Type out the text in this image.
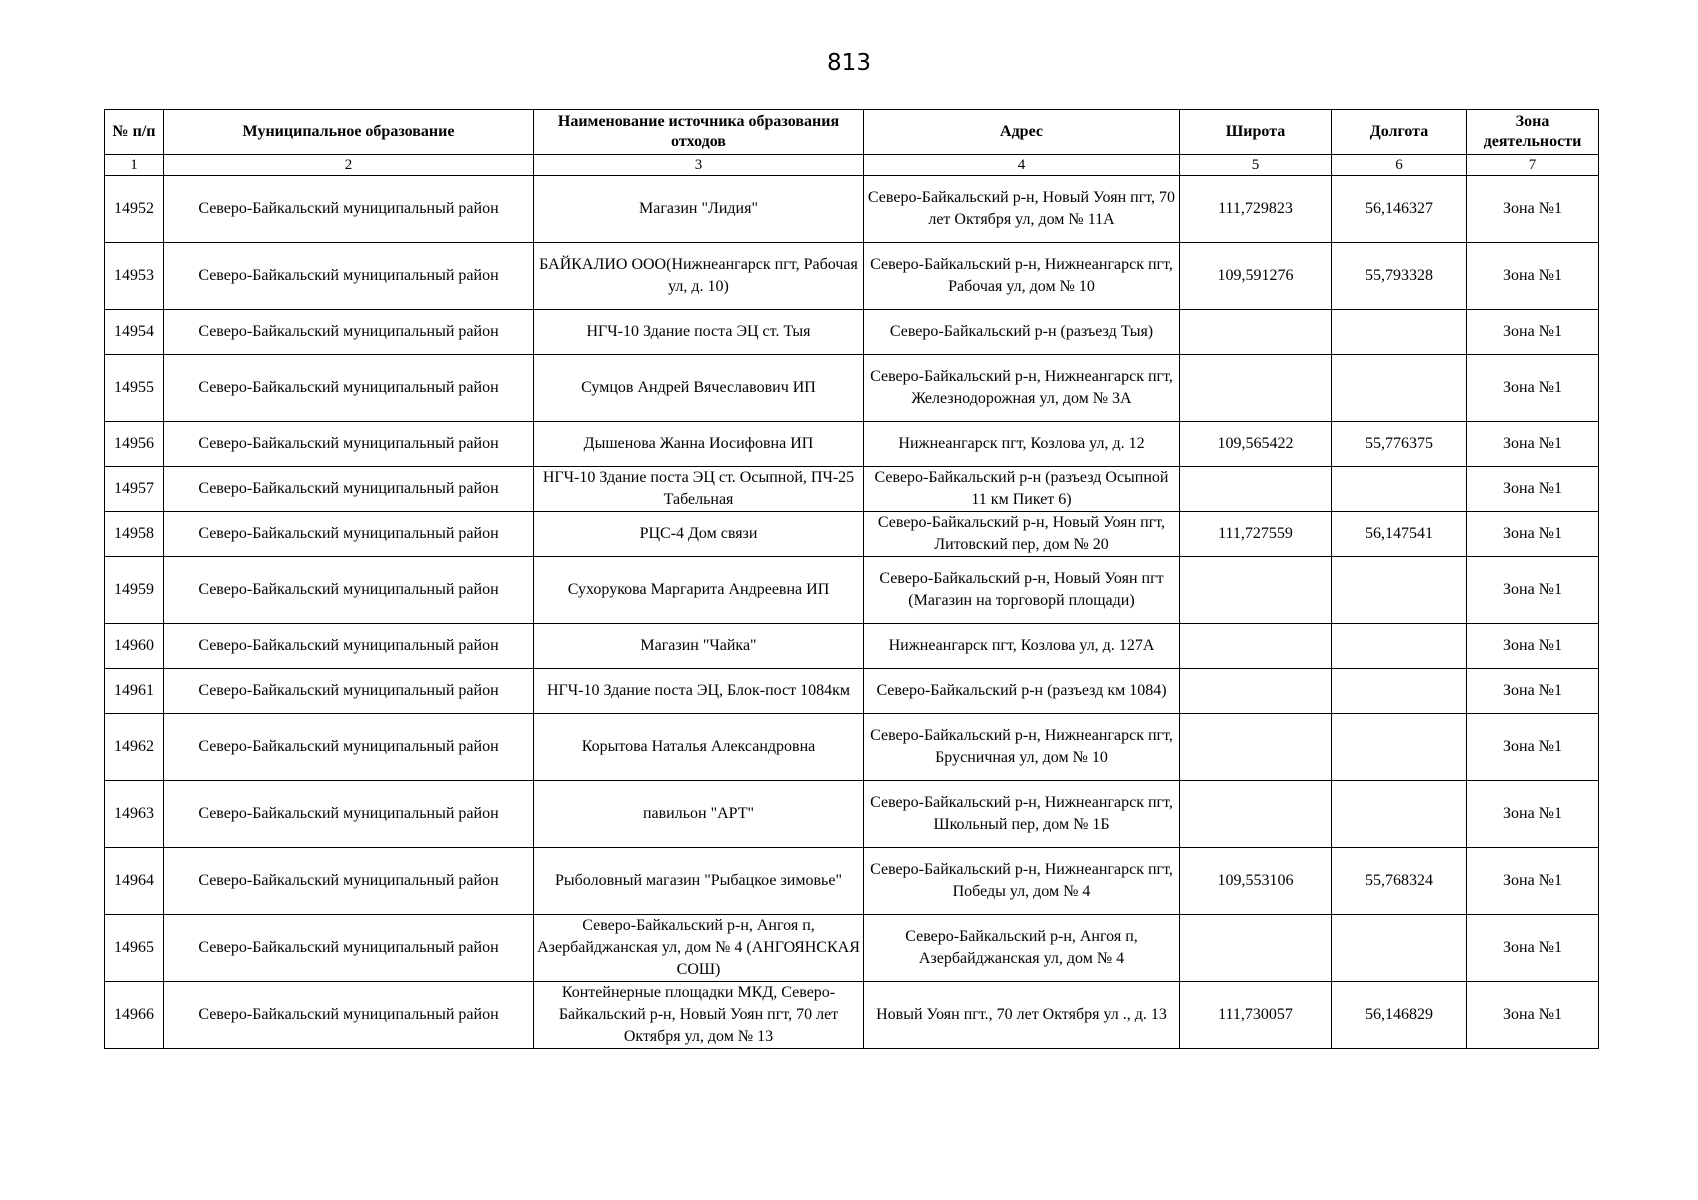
813
№ п/п	Муниципальное образование	Наименование источника образования отходов	Адрес	Широта	Долгота	Зона деятельности
1	2	3	4	5	6	7
14952	Северо-Байкальский муниципальный район	Магазин "Лидия"	Северо-Байкальский р-н, Новый Уоян пгт, 70 лет Октября ул, дом № 11А	111,729823	56,146327	Зона №1
14953	Северо-Байкальский муниципальный район	БАЙКАЛИО ООО(Нижнеангарск пгт, Рабочая ул, д. 10)	Северо-Байкальский р-н, Нижнеангарск пгт, Рабочая ул, дом № 10	109,591276	55,793328	Зона №1
14954	Северо-Байкальский муниципальный район	НГЧ-10 Здание поста ЭЦ ст. Тыя	Северо-Байкальский р-н (разъезд Тыя)			Зона №1
14955	Северо-Байкальский муниципальный район	Сумцов Андрей Вячеславович ИП	Северо-Байкальский р-н, Нижнеангарск пгт, Железнодорожная ул, дом № 3А			Зона №1
14956	Северо-Байкальский муниципальный район	Дышенова Жанна Иосифовна ИП	Нижнеангарск пгт, Козлова ул, д. 12	109,565422	55,776375	Зона №1
14957	Северо-Байкальский муниципальный район	НГЧ-10 Здание поста ЭЦ ст. Осыпной, ПЧ-25 Табельная	Северо-Байкальский р-н (разъезд Осыпной 11 км Пикет 6)			Зона №1
14958	Северо-Байкальский муниципальный район	РЦС-4 Дом связи	Северо-Байкальский р-н, Новый Уоян пгт, Литовский пер, дом № 20	111,727559	56,147541	Зона №1
14959	Северо-Байкальский муниципальный район	Сухорукова Маргарита Андреевна ИП	Северо-Байкальский р-н, Новый Уоян пгт (Магазин на торговорй площади)			Зона №1
14960	Северо-Байкальский муниципальный район	Магазин "Чайка"	Нижнеангарск пгт, Козлова ул, д. 127А			Зона №1
14961	Северо-Байкальский муниципальный район	НГЧ-10 Здание поста ЭЦ, Блок-пост 1084км	Северо-Байкальский р-н (разъезд км 1084)			Зона №1
14962	Северо-Байкальский муниципальный район	Корытова Наталья Александровна	Северо-Байкальский р-н, Нижнеангарск пгт, Брусничная ул, дом № 10			Зона №1
14963	Северо-Байкальский муниципальный район	павильон "АРТ"	Северо-Байкальский р-н, Нижнеангарск пгт, Школьный пер, дом № 1Б			Зона №1
14964	Северо-Байкальский муниципальный район	Рыболовный магазин "Рыбацкое зимовье"	Северо-Байкальский р-н, Нижнеангарск пгт, Победы ул, дом № 4	109,553106	55,768324	Зона №1
14965	Северо-Байкальский муниципальный район	Северо-Байкальский р-н, Ангоя п, Азербайджанская ул, дом № 4 (АНГОЯНСКАЯ СОШ)	Северо-Байкальский р-н, Ангоя п, Азербайджанская ул, дом № 4			Зона №1
14966	Северо-Байкальский муниципальный район	Контейнерные площадки МКД, Северо-Байкальский р-н, Новый Уоян пгт, 70 лет Октября ул, дом № 13	Новый Уоян пгт., 70 лет Октября ул ., д. 13	111,730057	56,146829	Зона №1
